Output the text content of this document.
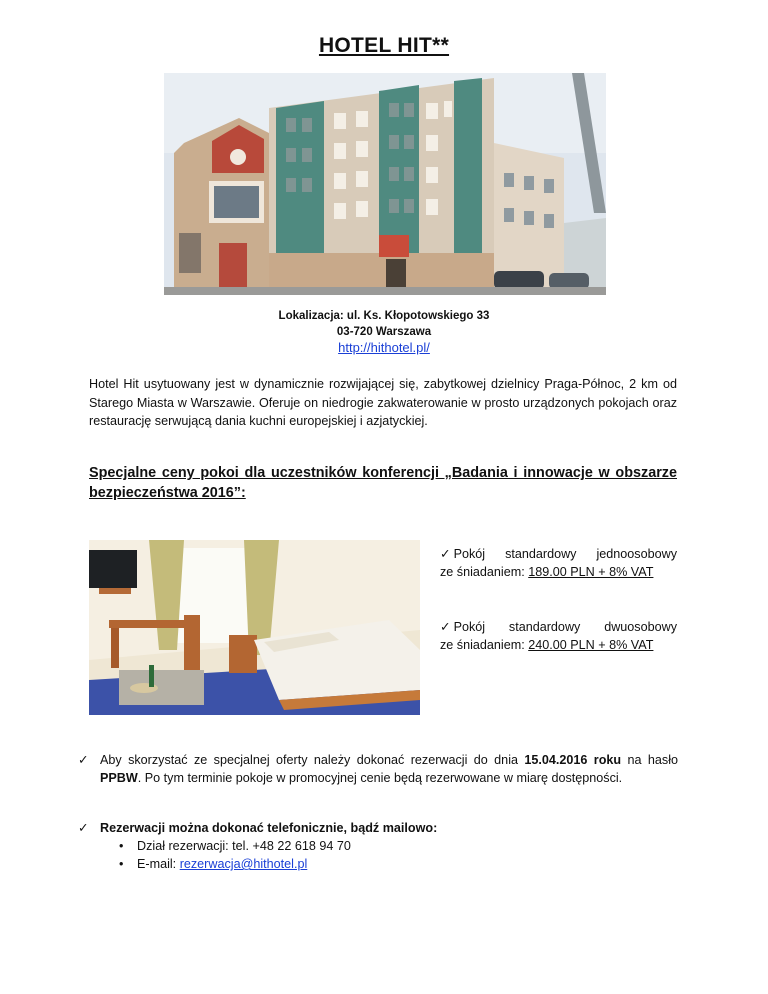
HOTEL HIT**
Lokalizacja: ul. Ks. Kłopotowskiego 33
03-720 Warszawa
http://hithotel.pl/
Hotel Hit usytuowany jest w dynamicznie rozwijającej się, zabytkowej dzielnicy Praga-Północ, 2 km od Starego Miasta w Warszawie. Oferuje on niedrogie zakwaterowanie w prosto urządzonych pokojach oraz restaurację serwującą dania kuchni europejskiej i azjatyckiej.
Specjalne ceny pokoi dla uczestników konferencji „Badania i innowacje w obszarze bezpieczeństwa 2016”:
✓ Pokój standardowy jednoosobowy
ze śniadaniem: 189.00 PLN + 8% VAT
✓ Pokój standardowy dwuosobowy
ze śniadaniem: 240.00 PLN + 8% VAT
✓ Aby skorzystać ze specjalnej oferty należy dokonać rezerwacji do dnia 15.04.2016 roku na hasło PPBW. Po tym terminie pokoje w promocyjnej cenie będą rezerwowane w miarę dostępności.
✓ Rezerwacji można dokonać telefonicznie, bądź mailowo:
• Dział rezerwacji: tel. +48 22 618 94 70
• E-mail: rezerwacja@hithotel.pl
